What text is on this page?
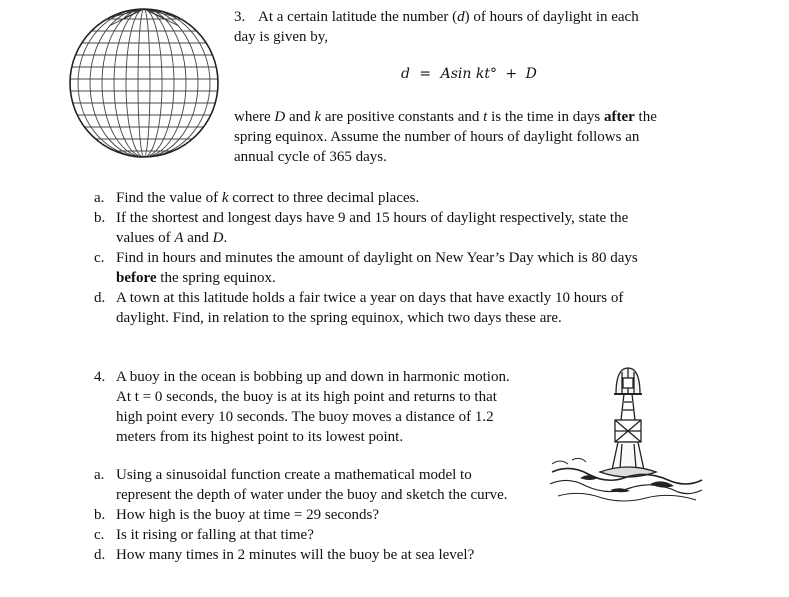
3. At a certain latitude the number (d) of hours of daylight in each
day is given by,
d = Asin kt° + D
where D and k are positive constants and t is the time in days after the
spring equinox. Assume the number of hours of daylight follows an
annual cycle of 365 days.
a. Find the value of k correct to three decimal places.
b. If the shortest and longest days have 9 and 15 hours of daylight respectively, state the
values of A and D.
c. Find in hours and minutes the amount of daylight on New Year’s Day which is 80 days
before the spring equinox.
d. A town at this latitude holds a fair twice a year on days that have exactly 10 hours of
daylight. Find, in relation to the spring equinox, which two days these are.
4. A buoy in the ocean is bobbing up and down in harmonic motion.
At t = 0 seconds, the buoy is at its high point and returns to that
high point every 10 seconds. The buoy moves a distance of 1.2
meters from its highest point to its lowest point.
a. Using a sinusoidal function create a mathematical model to
represent the depth of water under the buoy and sketch the curve.
b. How high is the buoy at time = 29 seconds?
c. Is it rising or falling at that time?
d. How many times in 2 minutes will the buoy be at sea level?
